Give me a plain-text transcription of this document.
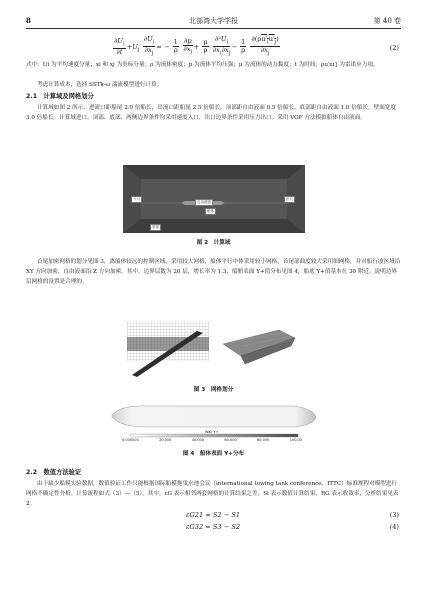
8	北部湾大学学报	第 40 卷
$\frac{\partial U_i}{\partial t} +U_j \frac{\partial U_i}{\partial x_j}$ = − $\frac{1}{\rho}$
$\frac{\partial p}{\partial x_i} + \frac{\mu}{\rho}$
$\frac{\partial^2U_i}{\partial x_i\partial x_j} - \frac{1}{\rho}$
$\frac{\partial(\rho u'_iu'_j)}{\partial x_j}$	(2)
式中：Ui 为平均速度分量；xi 和 xj 为坐标分量；ρ 为流体密度；p 为流体平均压强；μ 为流体的动力黏度；t 为时间；ρu′iu′j 为雷诺应力项。
考虑计算成本，选择 SSTk-ω 湍流模型进行计算。
2.1　计算域及网格划分
计算域如图 2 所示，进流口距船尾 2.0 倍船长，出流口距船尾 2.5 倍船长，顶部距自由液面 0.5 倍船长，底部距自由液面 1.0 倍船长，壁面宽度 3.0 倍船长。计算域进口、顶部、底部、两侧边界条件均采用速度入口，出口边界条件采用压力出口。采用 VOF 方法模拟船体自由液面。
入口	出口
船体
自由液面
底部
图 2　计算域
首尾加密网格的划分见图 3，离船体较远的控制区域，采用较大网格，船体平行中体采用较小网格，首尾部曲度较大采用细网格，并对船行波区域沿 XY 方向加密，自由液面沿 Z 方向加密。其中，边界层数为 20 层，增长率为 1.3，船舶表面 Y+值分布见图 4，船底 Y+值基本在 30 附近，说明边界层网格的设置是合理的。
图 3　网格划分
Wall Y+
0.000000	20.000	40.000	60.000	80.000	100.00
图 4　船体表面 Y+分布
2.2　数值方法验证
由于缺少船模实验数据，数值验证工作只能根据国际船模拖曳水池会议（international towing tank conference，ITTC）标准规程对模型进行网格不确定性分析。计算流程如式（3）—（5），其中，εG 表示相邻两套网格的计算结果之差，Si 表示数值计算结果，RG 表示收敛率，分析结果见表 2。
εG21 = S2 − S1	(3)
εG32 = S3 − S2	(4)
